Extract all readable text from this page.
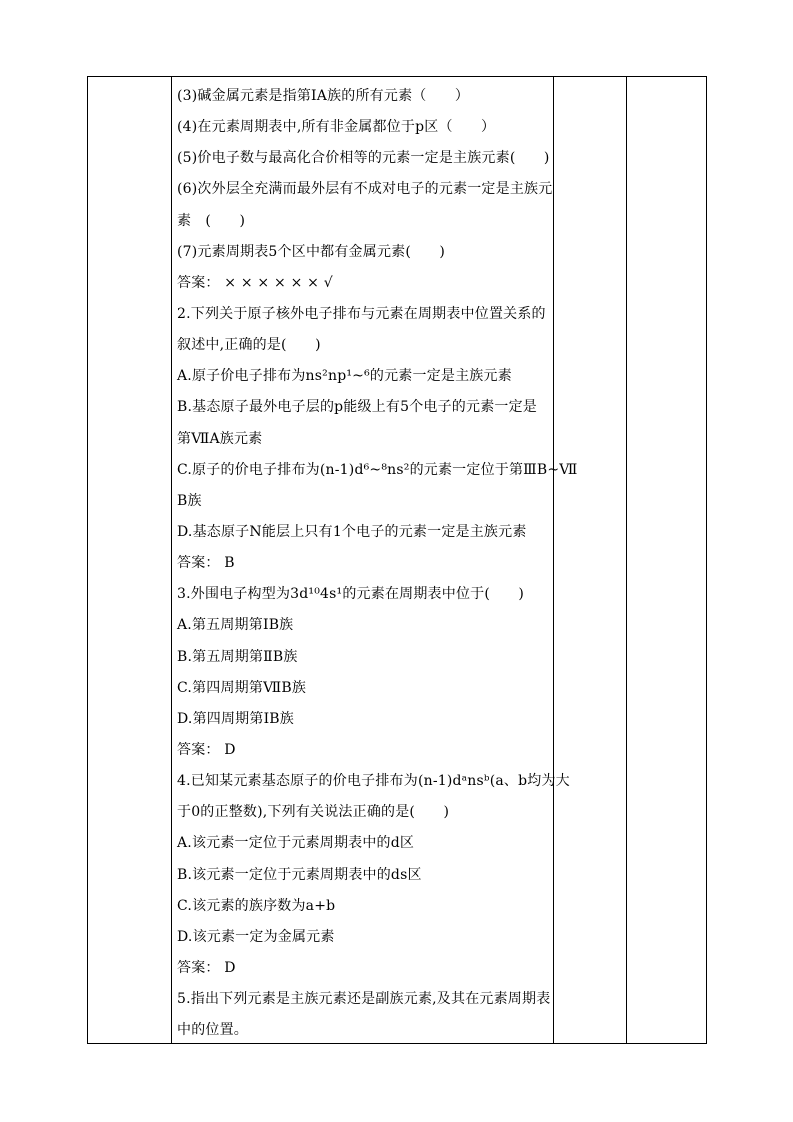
(3)碱金属元素是指第ⅠA族的所有元素（　　）
(4)在元素周期表中,所有非金属都位于p区（　　）
(5)价电子数与最高化合价相等的元素一定是主族元素(　　)
(6)次外层全充满而最外层有不成对电子的元素一定是主族元
素　(　　)
(7)元素周期表5个区中都有金属元素(　　)
答案： × × × × × × √
2.下列关于原子核外电子排布与元素在周期表中位置关系的
叙述中,正确的是(　　)
A.原子价电子排布为ns²np¹~⁶的元素一定是主族元素
B.基态原子最外电子层的p能级上有5个电子的元素一定是
第ⅦA族元素
C.原子的价电子排布为(n-1)d⁶~⁸ns²的元素一定位于第ⅢB~Ⅶ
B族
D.基态原子N能层上只有1个电子的元素一定是主族元素
答案： B
3.外围电子构型为3d¹⁰4s¹的元素在周期表中位于(　　)
A.第五周期第ⅠB族
B.第五周期第ⅡB族
C.第四周期第ⅦB族
D.第四周期第ⅠB族
答案： D
4.已知某元素基态原子的价电子排布为(n-1)dᵃnsᵇ(a、b均为大
于0的正整数),下列有关说法正确的是(　　)
A.该元素一定位于元素周期表中的d区
B.该元素一定位于元素周期表中的ds区
C.该元素的族序数为a+b
D.该元素一定为金属元素
答案： D
5.指出下列元素是主族元素还是副族元素,及其在元素周期表
中的位置。
